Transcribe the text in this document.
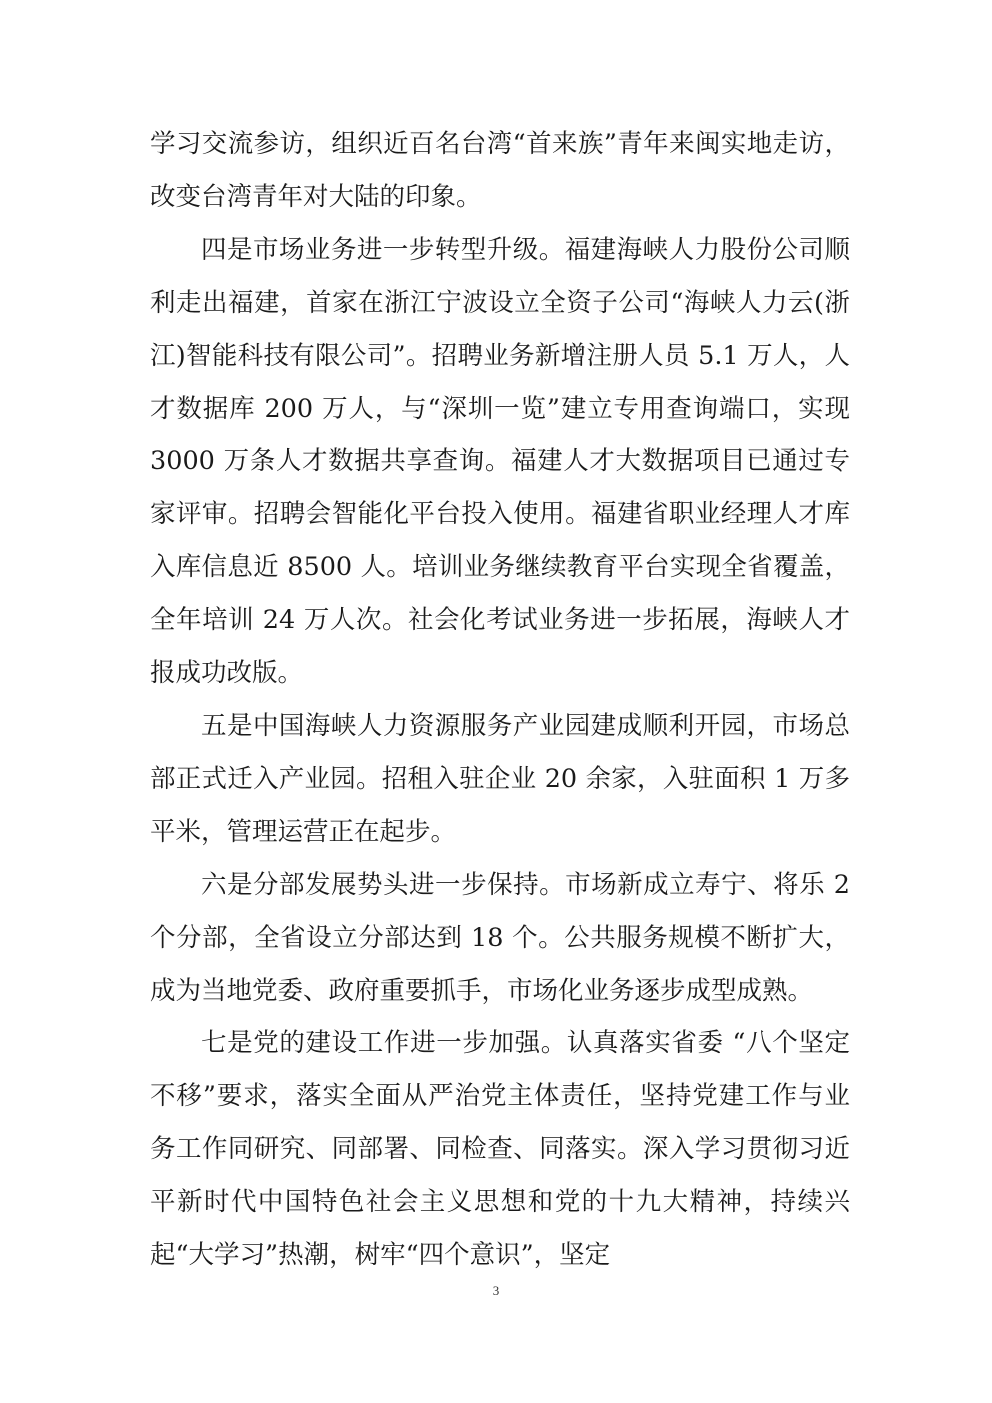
学习交流参访，组织近百名台湾“首来族”青年来闽实地走访，改变台湾青年对大陆的印象。

四是市场业务进一步转型升级。福建海峡人力股份公司顺利走出福建，首家在浙江宁波设立全资子公司“海峡人力云(浙江)智能科技有限公司”。招聘业务新增注册人员 5.1 万人，人才数据库 200 万人，与“深圳一览”建立专用查询端口，实现 3000 万条人才数据共享查询。福建人才大数据项目已通过专家评审。招聘会智能化平台投入使用。福建省职业经理人才库入库信息近 8500 人。培训业务继续教育平台实现全省覆盖，全年培训 24 万人次。社会化考试业务进一步拓展，海峡人才报成功改版。

五是中国海峡人力资源服务产业园建成顺利开园，市场总部正式迁入产业园。招租入驻企业 20 余家，入驻面积 1 万多平米，管理运营正在起步。

六是分部发展势头进一步保持。市场新成立寿宁、将乐 2 个分部，全省设立分部达到 18 个。公共服务规模不断扩大，成为当地党委、政府重要抓手，市场化业务逐步成型成熟。

七是党的建设工作进一步加强。认真落实省委 “八个坚定不移”要求，落实全面从严治党主体责任，坚持党建工作与业务工作同研究、同部署、同检查、同落实。深入学习贯彻习近平新时代中国特色社会主义思想和党的十九大精神，持续兴起“大学习”热潮，树牢“四个意识”，坚定

3
